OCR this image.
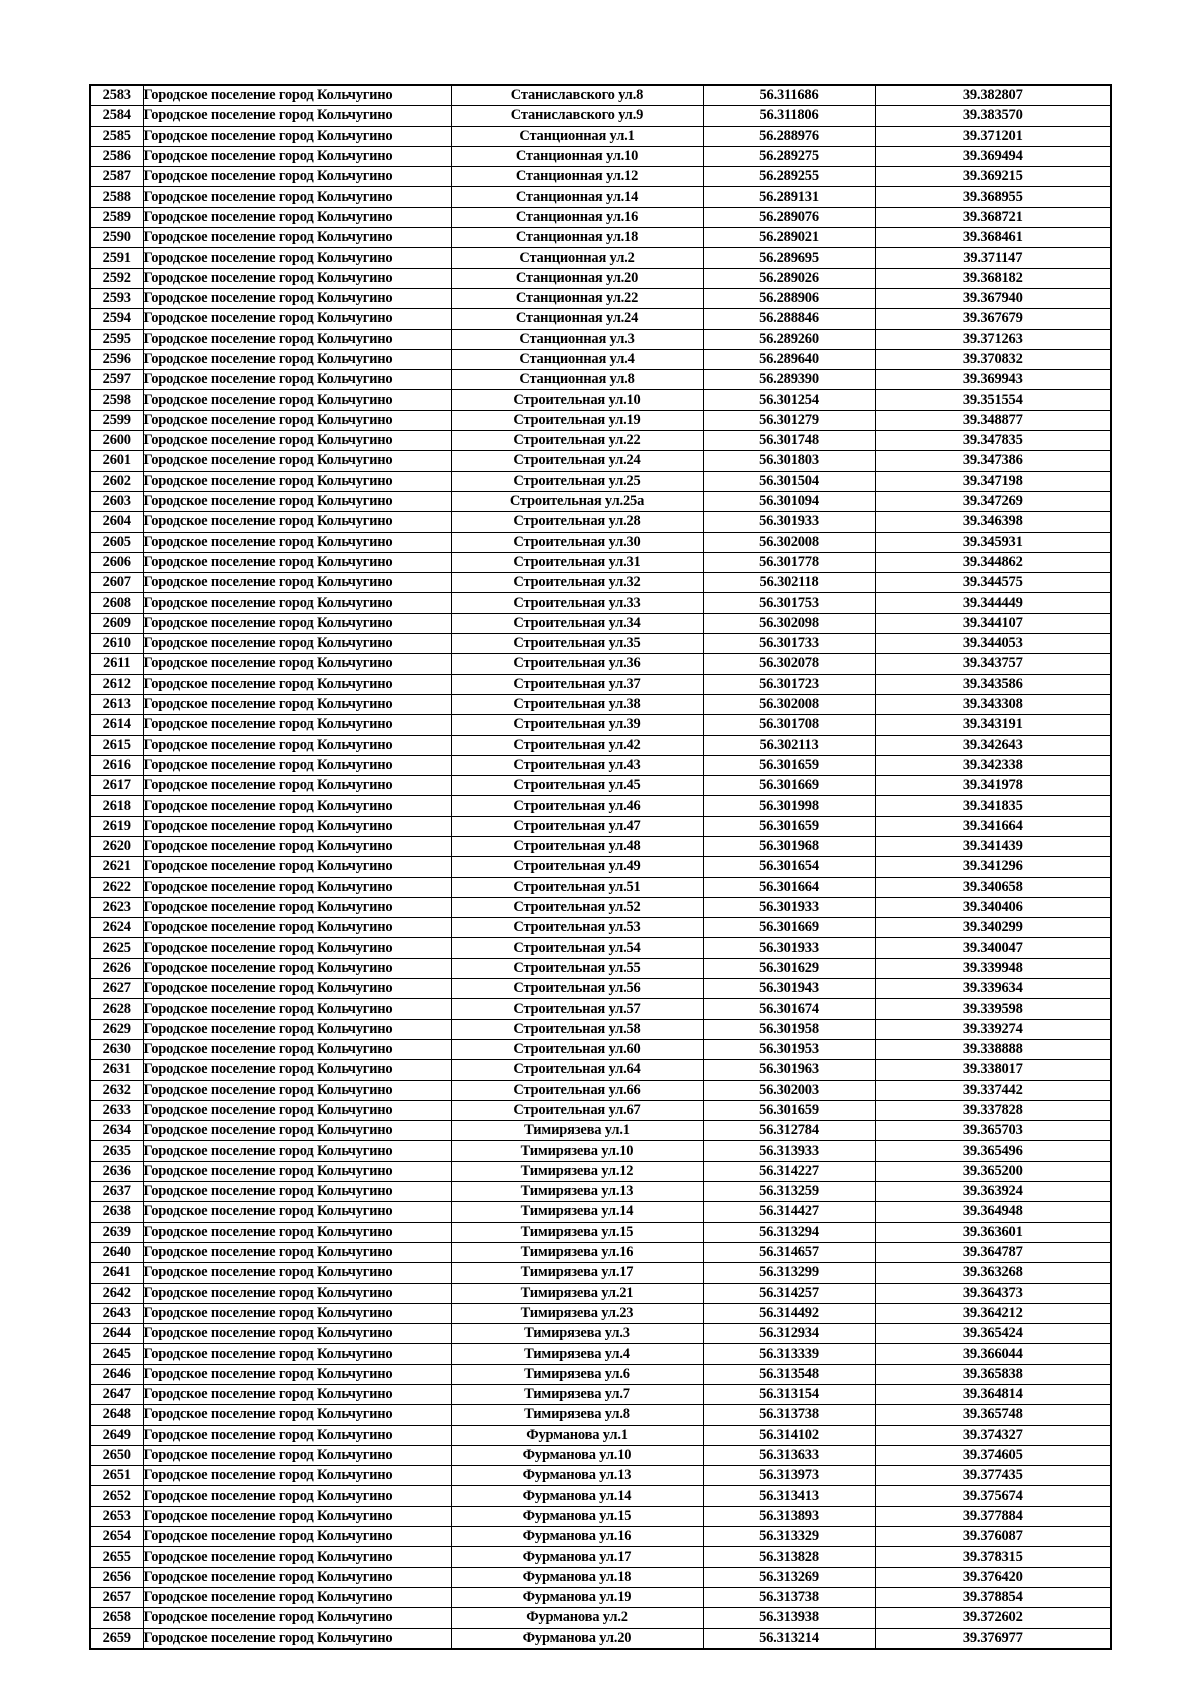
2583	Городское поселение город Кольчугино	Станиславского ул.8	56.311686	39.382807
2584	Городское поселение город Кольчугино	Станиславского ул.9	56.311806	39.383570
2585	Городское поселение город Кольчугино	Станционная ул.1	56.288976	39.371201
2586	Городское поселение город Кольчугино	Станционная ул.10	56.289275	39.369494
2587	Городское поселение город Кольчугино	Станционная ул.12	56.289255	39.369215
2588	Городское поселение город Кольчугино	Станционная ул.14	56.289131	39.368955
2589	Городское поселение город Кольчугино	Станционная ул.16	56.289076	39.368721
2590	Городское поселение город Кольчугино	Станционная ул.18	56.289021	39.368461
2591	Городское поселение город Кольчугино	Станционная ул.2	56.289695	39.371147
2592	Городское поселение город Кольчугино	Станционная ул.20	56.289026	39.368182
2593	Городское поселение город Кольчугино	Станционная ул.22	56.288906	39.367940
2594	Городское поселение город Кольчугино	Станционная ул.24	56.288846	39.367679
2595	Городское поселение город Кольчугино	Станционная ул.3	56.289260	39.371263
2596	Городское поселение город Кольчугино	Станционная ул.4	56.289640	39.370832
2597	Городское поселение город Кольчугино	Станционная ул.8	56.289390	39.369943
2598	Городское поселение город Кольчугино	Строительная ул.10	56.301254	39.351554
2599	Городское поселение город Кольчугино	Строительная ул.19	56.301279	39.348877
2600	Городское поселение город Кольчугино	Строительная ул.22	56.301748	39.347835
2601	Городское поселение город Кольчугино	Строительная ул.24	56.301803	39.347386
2602	Городское поселение город Кольчугино	Строительная ул.25	56.301504	39.347198
2603	Городское поселение город Кольчугино	Строительная ул.25а	56.301094	39.347269
2604	Городское поселение город Кольчугино	Строительная ул.28	56.301933	39.346398
2605	Городское поселение город Кольчугино	Строительная ул.30	56.302008	39.345931
2606	Городское поселение город Кольчугино	Строительная ул.31	56.301778	39.344862
2607	Городское поселение город Кольчугино	Строительная ул.32	56.302118	39.344575
2608	Городское поселение город Кольчугино	Строительная ул.33	56.301753	39.344449
2609	Городское поселение город Кольчугино	Строительная ул.34	56.302098	39.344107
2610	Городское поселение город Кольчугино	Строительная ул.35	56.301733	39.344053
2611	Городское поселение город Кольчугино	Строительная ул.36	56.302078	39.343757
2612	Городское поселение город Кольчугино	Строительная ул.37	56.301723	39.343586
2613	Городское поселение город Кольчугино	Строительная ул.38	56.302008	39.343308
2614	Городское поселение город Кольчугино	Строительная ул.39	56.301708	39.343191
2615	Городское поселение город Кольчугино	Строительная ул.42	56.302113	39.342643
2616	Городское поселение город Кольчугино	Строительная ул.43	56.301659	39.342338
2617	Городское поселение город Кольчугино	Строительная ул.45	56.301669	39.341978
2618	Городское поселение город Кольчугино	Строительная ул.46	56.301998	39.341835
2619	Городское поселение город Кольчугино	Строительная ул.47	56.301659	39.341664
2620	Городское поселение город Кольчугино	Строительная ул.48	56.301968	39.341439
2621	Городское поселение город Кольчугино	Строительная ул.49	56.301654	39.341296
2622	Городское поселение город Кольчугино	Строительная ул.51	56.301664	39.340658
2623	Городское поселение город Кольчугино	Строительная ул.52	56.301933	39.340406
2624	Городское поселение город Кольчугино	Строительная ул.53	56.301669	39.340299
2625	Городское поселение город Кольчугино	Строительная ул.54	56.301933	39.340047
2626	Городское поселение город Кольчугино	Строительная ул.55	56.301629	39.339948
2627	Городское поселение город Кольчугино	Строительная ул.56	56.301943	39.339634
2628	Городское поселение город Кольчугино	Строительная ул.57	56.301674	39.339598
2629	Городское поселение город Кольчугино	Строительная ул.58	56.301958	39.339274
2630	Городское поселение город Кольчугино	Строительная ул.60	56.301953	39.338888
2631	Городское поселение город Кольчугино	Строительная ул.64	56.301963	39.338017
2632	Городское поселение город Кольчугино	Строительная ул.66	56.302003	39.337442
2633	Городское поселение город Кольчугино	Строительная ул.67	56.301659	39.337828
2634	Городское поселение город Кольчугино	Тимирязева ул.1	56.312784	39.365703
2635	Городское поселение город Кольчугино	Тимирязева ул.10	56.313933	39.365496
2636	Городское поселение город Кольчугино	Тимирязева ул.12	56.314227	39.365200
2637	Городское поселение город Кольчугино	Тимирязева ул.13	56.313259	39.363924
2638	Городское поселение город Кольчугино	Тимирязева ул.14	56.314427	39.364948
2639	Городское поселение город Кольчугино	Тимирязева ул.15	56.313294	39.363601
2640	Городское поселение город Кольчугино	Тимирязева ул.16	56.314657	39.364787
2641	Городское поселение город Кольчугино	Тимирязева ул.17	56.313299	39.363268
2642	Городское поселение город Кольчугино	Тимирязева ул.21	56.314257	39.364373
2643	Городское поселение город Кольчугино	Тимирязева ул.23	56.314492	39.364212
2644	Городское поселение город Кольчугино	Тимирязева ул.3	56.312934	39.365424
2645	Городское поселение город Кольчугино	Тимирязева ул.4	56.313339	39.366044
2646	Городское поселение город Кольчугино	Тимирязева ул.6	56.313548	39.365838
2647	Городское поселение город Кольчугино	Тимирязева ул.7	56.313154	39.364814
2648	Городское поселение город Кольчугино	Тимирязева ул.8	56.313738	39.365748
2649	Городское поселение город Кольчугино	Фурманова ул.1	56.314102	39.374327
2650	Городское поселение город Кольчугино	Фурманова ул.10	56.313633	39.374605
2651	Городское поселение город Кольчугино	Фурманова ул.13	56.313973	39.377435
2652	Городское поселение город Кольчугино	Фурманова ул.14	56.313413	39.375674
2653	Городское поселение город Кольчугино	Фурманова ул.15	56.313893	39.377884
2654	Городское поселение город Кольчугино	Фурманова ул.16	56.313329	39.376087
2655	Городское поселение город Кольчугино	Фурманова ул.17	56.313828	39.378315
2656	Городское поселение город Кольчугино	Фурманова ул.18	56.313269	39.376420
2657	Городское поселение город Кольчугино	Фурманова ул.19	56.313738	39.378854
2658	Городское поселение город Кольчугино	Фурманова ул.2	56.313938	39.372602
2659	Городское поселение город Кольчугино	Фурманова ул.20	56.313214	39.376977
